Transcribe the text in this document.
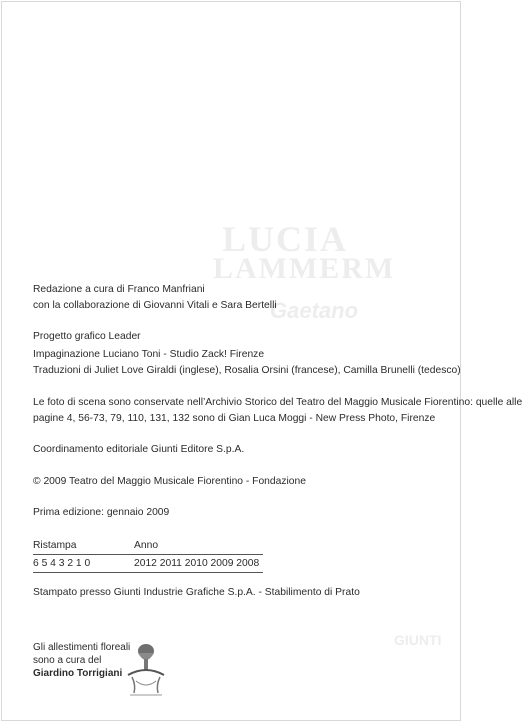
LUCIA
LAMMERM
Gaetano
GIUNTI
Redazione a cura di Franco Manfriani
con la collaborazione di Giovanni Vitali e Sara Bertelli
Progetto grafico Leader
Impaginazione Luciano Toni - Studio Zack! Firenze
Traduzioni di Juliet Love Giraldi (inglese), Rosalia Orsini (francese), Camilla Brunelli (tedesco)
Le foto di scena sono conservate nell’Archivio Storico del Teatro del Maggio Musicale Fiorentino: quelle alle
pagine 4, 56-73, 79, 110, 131, 132 sono di Gian Luca Moggi - New Press Photo, Firenze
Coordinamento editoriale Giunti Editore S.p.A.
© 2009 Teatro del Maggio Musicale Fiorentino - Fondazione
Prima edizione: gennaio 2009
Ristampa	Anno
6 5 4 3 2 1 0	2012 2011 2010 2009 2008
Stampato presso Giunti Industrie Grafiche S.p.A. - Stabilimento di Prato
Gli allestimenti floreali
sono a cura del
Giardino Torrigiani
